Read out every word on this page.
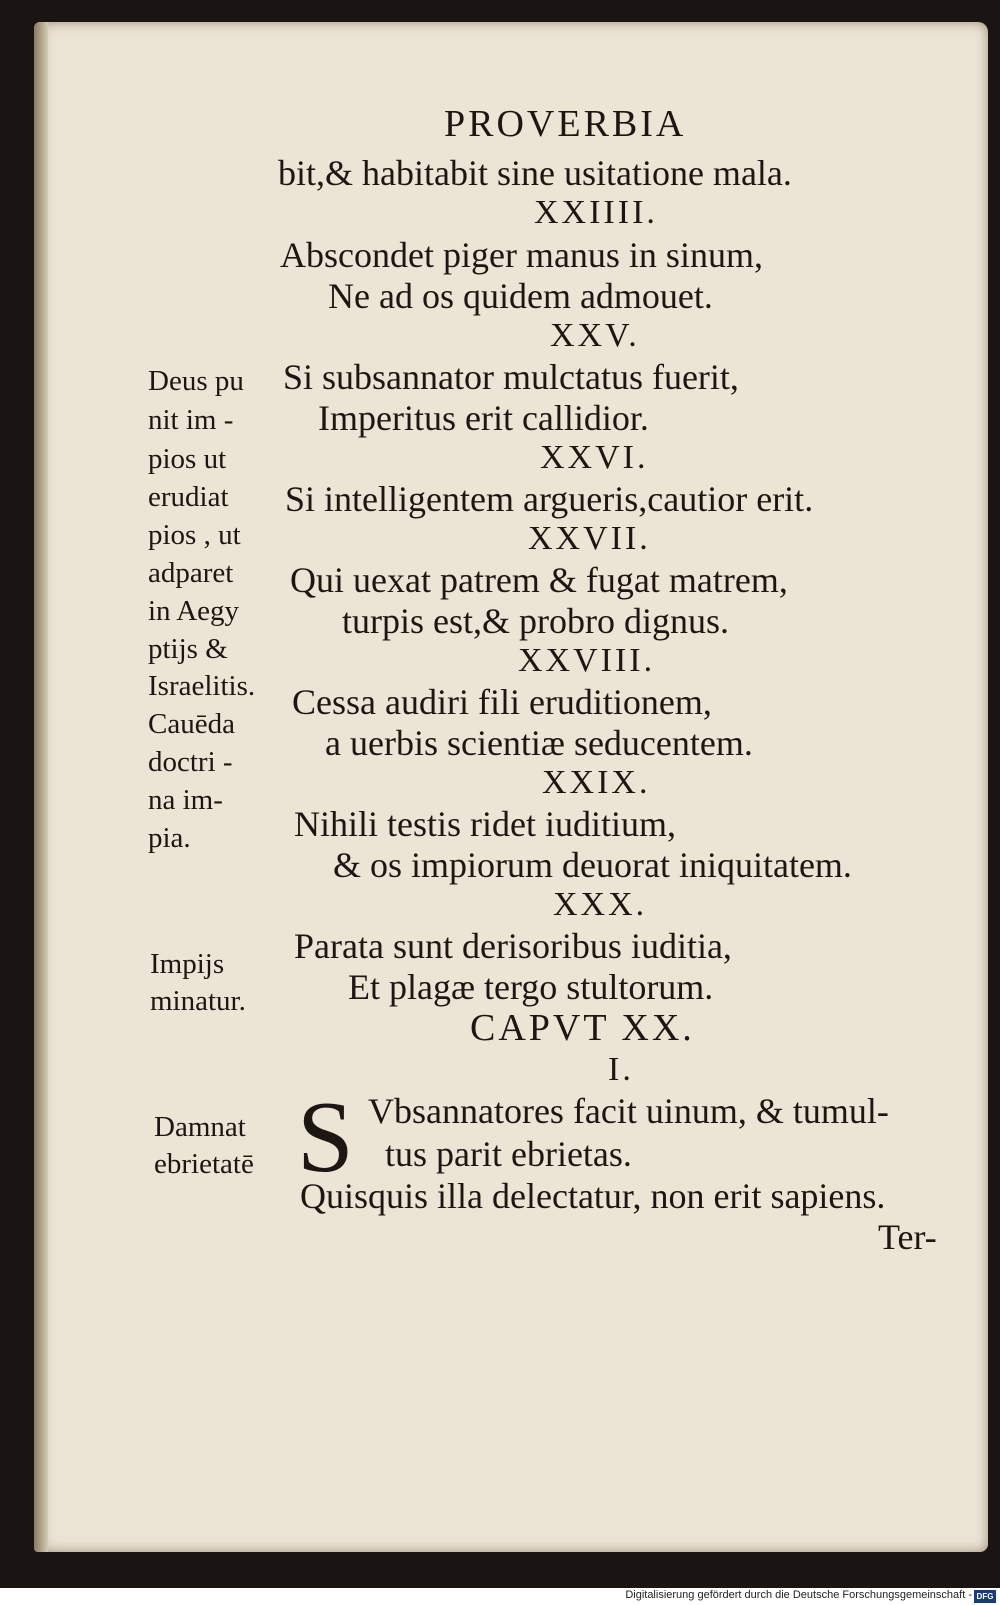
PROVERBIA
bit,& habitabit sine usitatione mala.
XXIIII.
Abscondet piger manus in sinum,
Ne ad os quidem admouet.
XXV.
Si subsannator mulctatus fuerit,
Imperitus erit callidior.
XXVI.
Si intelligentem argueris,cautior erit.
XXVII.
Qui uexat patrem & fugat matrem,
turpis est,& probro dignus.
XXVIII.
Cessa audiri fili eruditionem,
a uerbis scientiæ seducentem.
XXIX.
Nihili testis ridet iuditium,
& os impiorum deuorat iniquitatem.
XXX.
Parata sunt derisoribus iuditia,
Et plagæ tergo stultorum.
CAPVT XX.
I.
S Vbsannatores facit uinum, & tumul-
tus parit ebrietas.
Quisquis illa delectatur, non erit sapiens.
Ter-
Deus pu
nit im -
pios ut
erudiat
pios , ut
adparet
in Aegy
ptijs &
Israelitis.
Cauēda
doctri -
na im-
pia.
Impijs
minatur.
Damnat
ebrietatē
Digitalisierung gefördert durch die Deutsche Forschungsgemeinschaft - DFG
